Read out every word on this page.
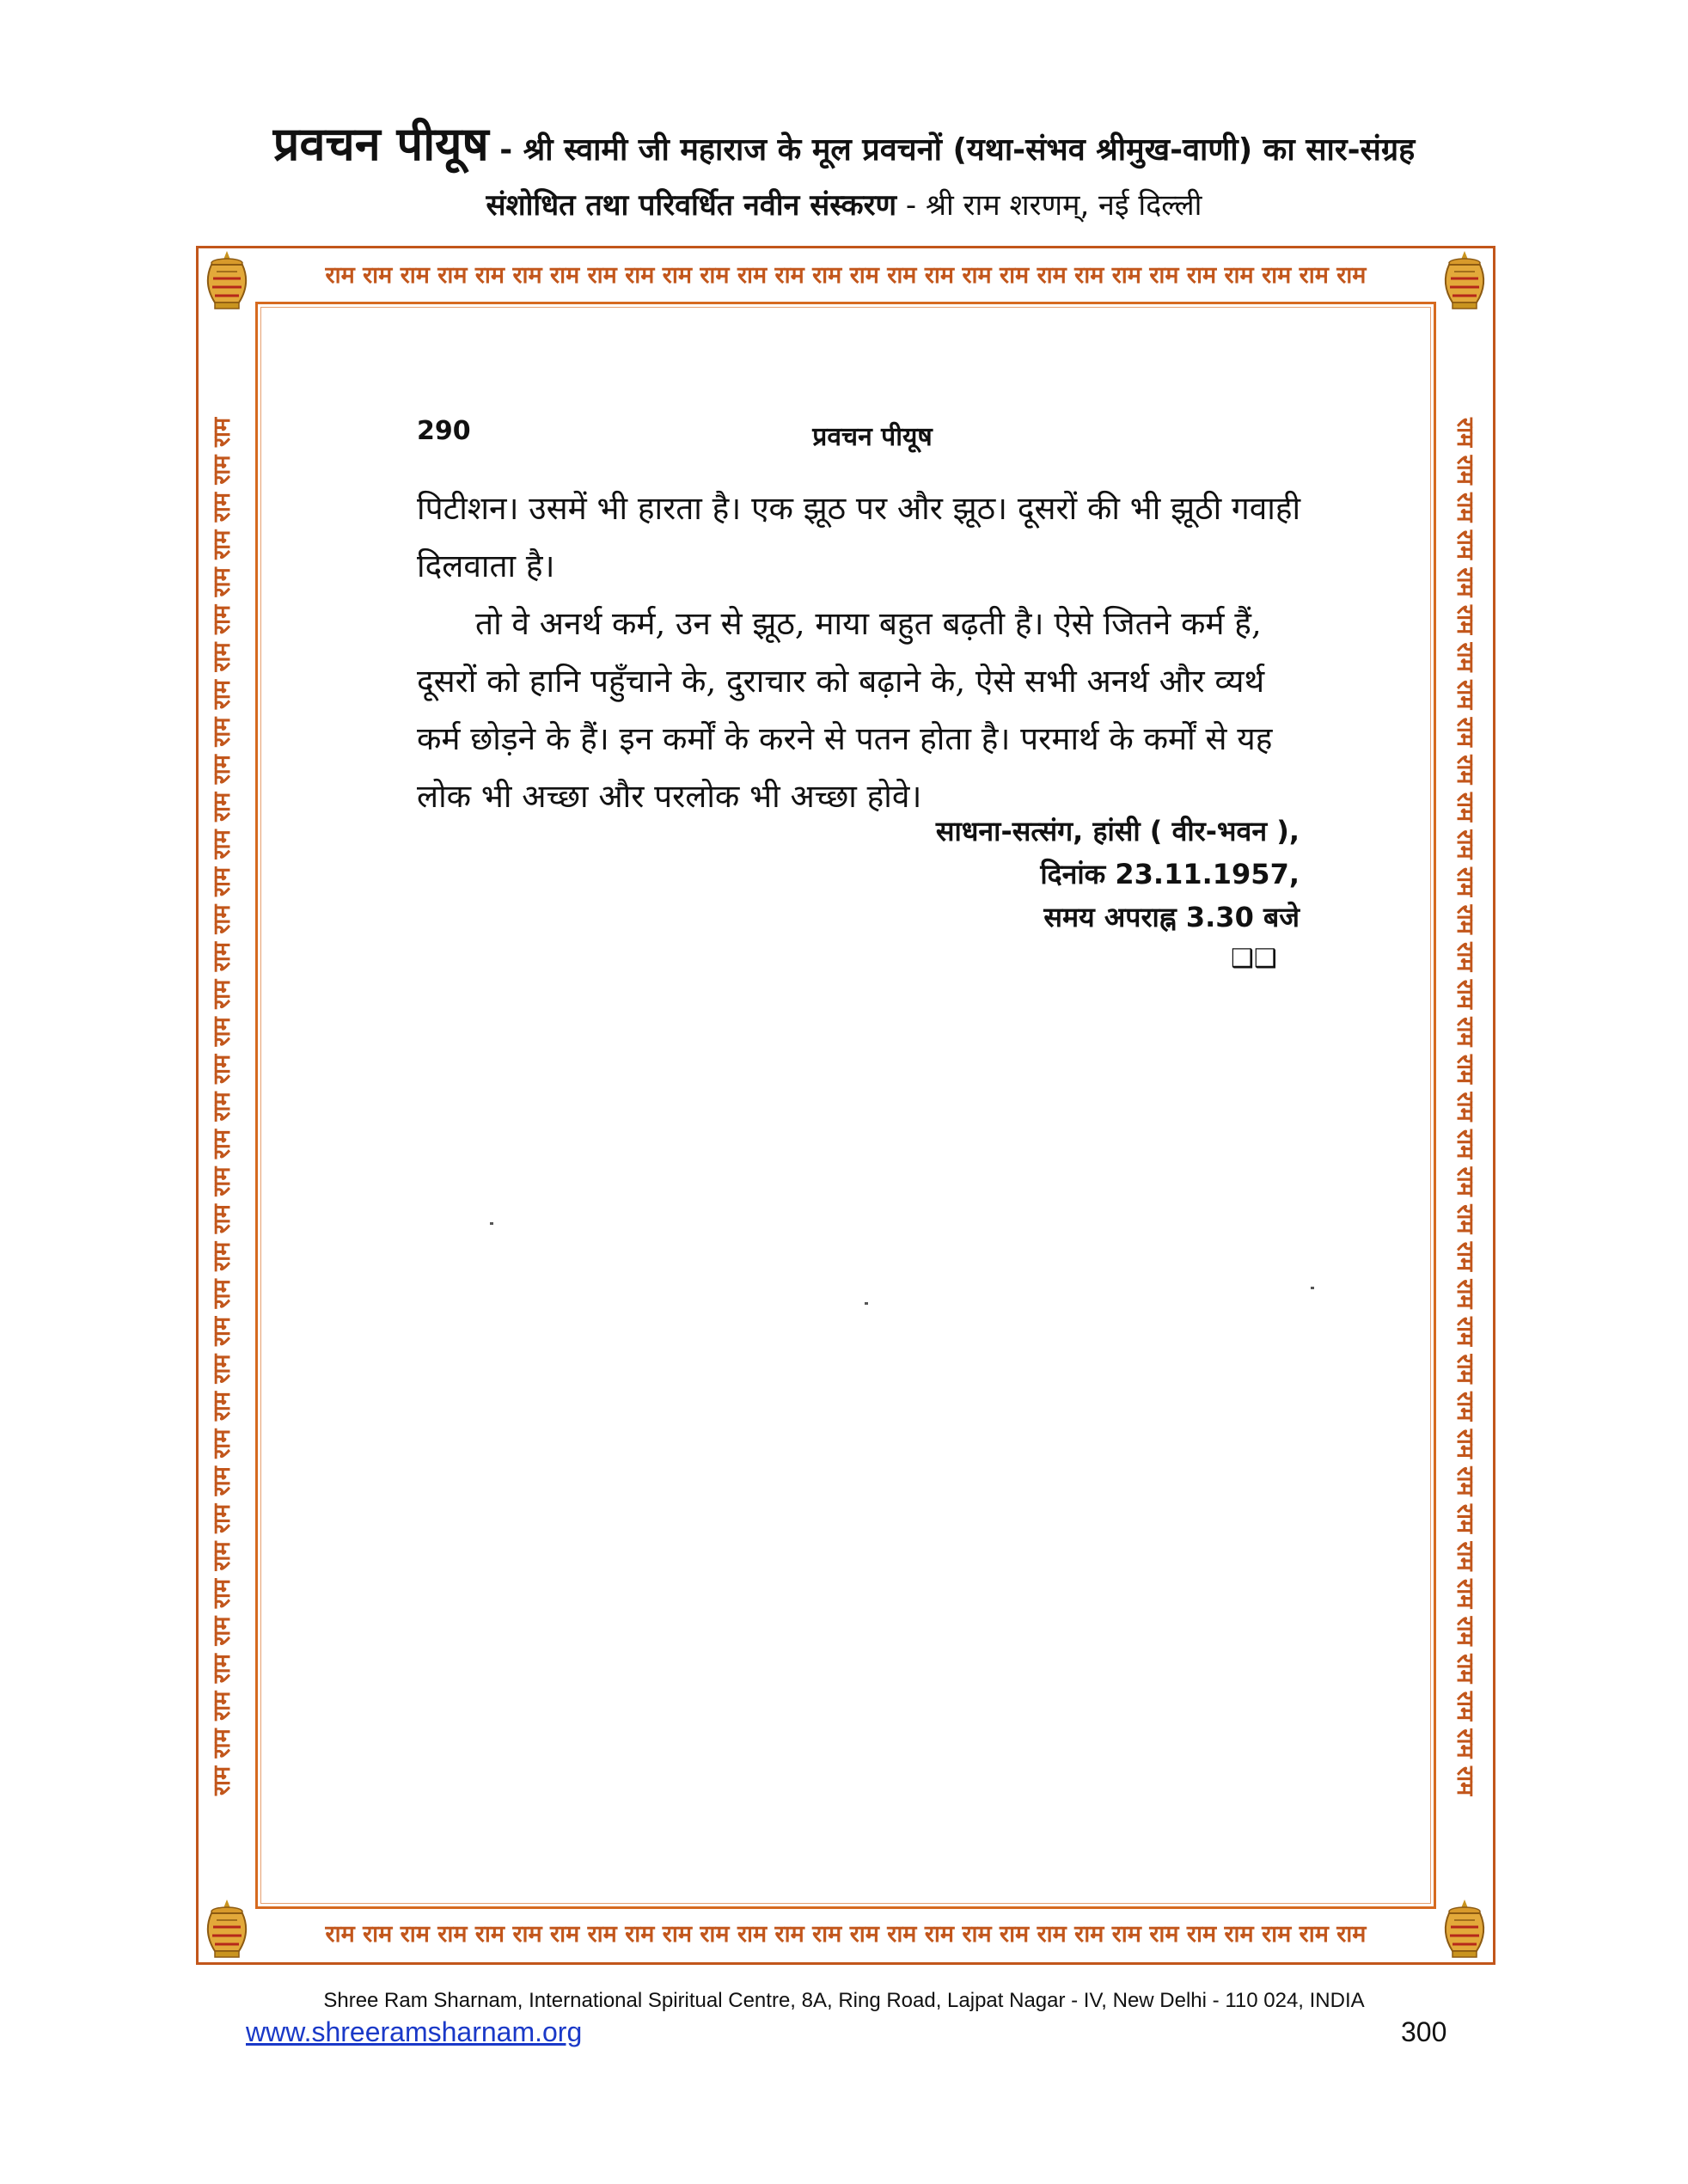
प्रवचन पीयूष - श्री स्वामी जी महाराज के मूल प्रवचनों (यथा-संभव श्रीमुख-वाणी) का सार-संग्रह
संशोधित तथा परिवर्धित नवीन संस्करण - श्री राम शरणम्, नई दिल्ली
राम राम राम राम राम राम राम राम राम राम राम राम राम राम राम राम राम राम राम राम राम राम राम राम राम राम राम राम
राम राम राम राम राम राम राम राम राम राम राम राम राम राम राम राम राम राम राम राम राम राम राम राम राम राम राम राम
राम राम राम राम राम राम राम राम राम राम राम राम राम राम राम राम राम राम राम राम राम राम राम राम राम राम राम राम राम राम राम राम राम राम राम राम राम	राम राम राम राम राम राम राम राम राम राम राम राम राम राम राम राम राम राम राम राम राम राम राम राम राम राम राम राम राम राम राम राम राम राम राम राम राम
290	प्रवचन पीयूष
पिटीशन। उसमें भी हारता है। एक झूठ पर और झूठ। दूसरों की भी झूठी गवाही दिलवाता है।
तो वे अनर्थ कर्म, उन से झूठ, माया बहुत बढ़ती है। ऐसे जितने कर्म हैं, दूसरों को हानि पहुँचाने के, दुराचार को बढ़ाने के, ऐसे सभी अनर्थ और व्यर्थ कर्म छोड़ने के हैं। इन कर्मों के करने से पतन होता है। परमार्थ के कर्मों से यह लोक भी अच्छा और परलोक भी अच्छा होवे।
साधना-सत्संग, हांसी ( वीर-भवन ),
दिनांक 23.11.1957,
समय अपराह्न 3.30 बजे
❑❑
Shree Ram Sharnam, International Spiritual Centre, 8A, Ring Road, Lajpat Nagar - IV, New Delhi - 110 024, INDIA
www.shreeramsharnam.org	300
